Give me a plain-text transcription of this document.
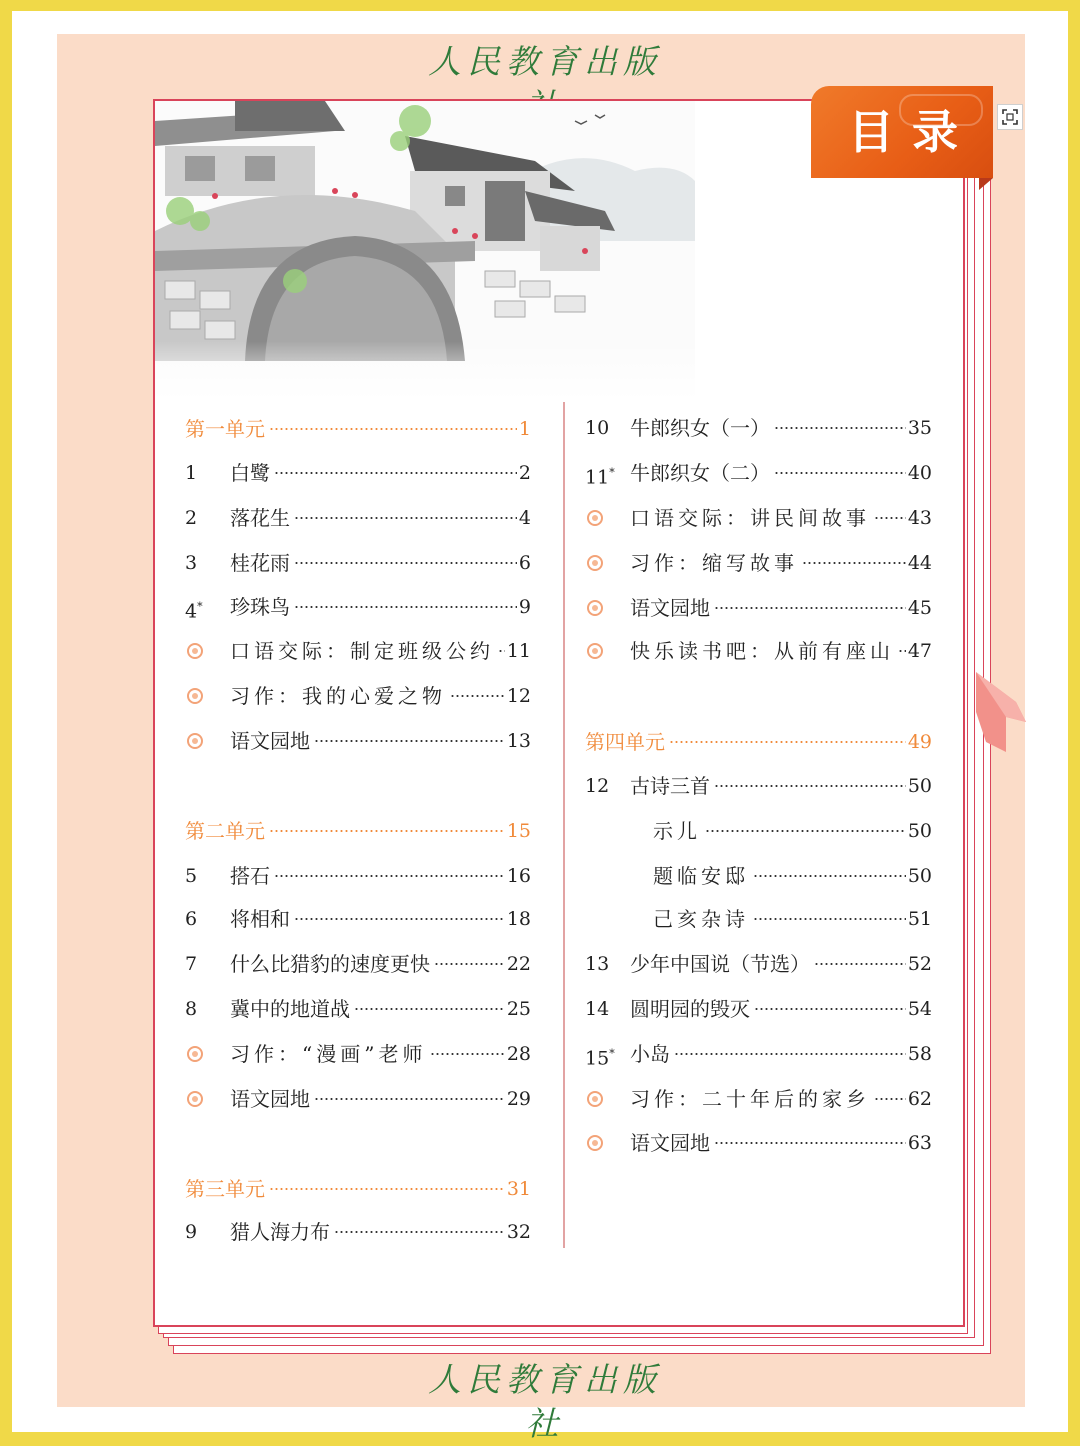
人民教育出版
目录
人民教育出版社
第一单元	1
1	白鹭	2
2	落花生	4
3	桂花雨	6
4*	珍珠鸟	9
口语交际：制定班级公约 11
习作：我的心爱之物	12
语文园地	13
第二单元	15
5	搭石	16
6	将相和	18
7	什么比猎豹的速度更快	22
8	冀中的地道战	25
习作：“漫画”老师	28
语文园地	29
第三单元	31
9	猎人海力布	32
10	牛郎织女（一）	35
11* 牛郎织女（二）	40
口语交际：讲民间故事 43
习作：缩写故事	44
语文园地	45
快乐读书吧：从前有座山 47
第四单元	49
12	古诗三首	50
示儿	50
题临安邸	50
己亥杂诗	51
13	少年中国说（节选）	52
14	圆明园的毁灭	54
15* 小岛	58
习作：二十年后的家乡 62
语文园地	63
